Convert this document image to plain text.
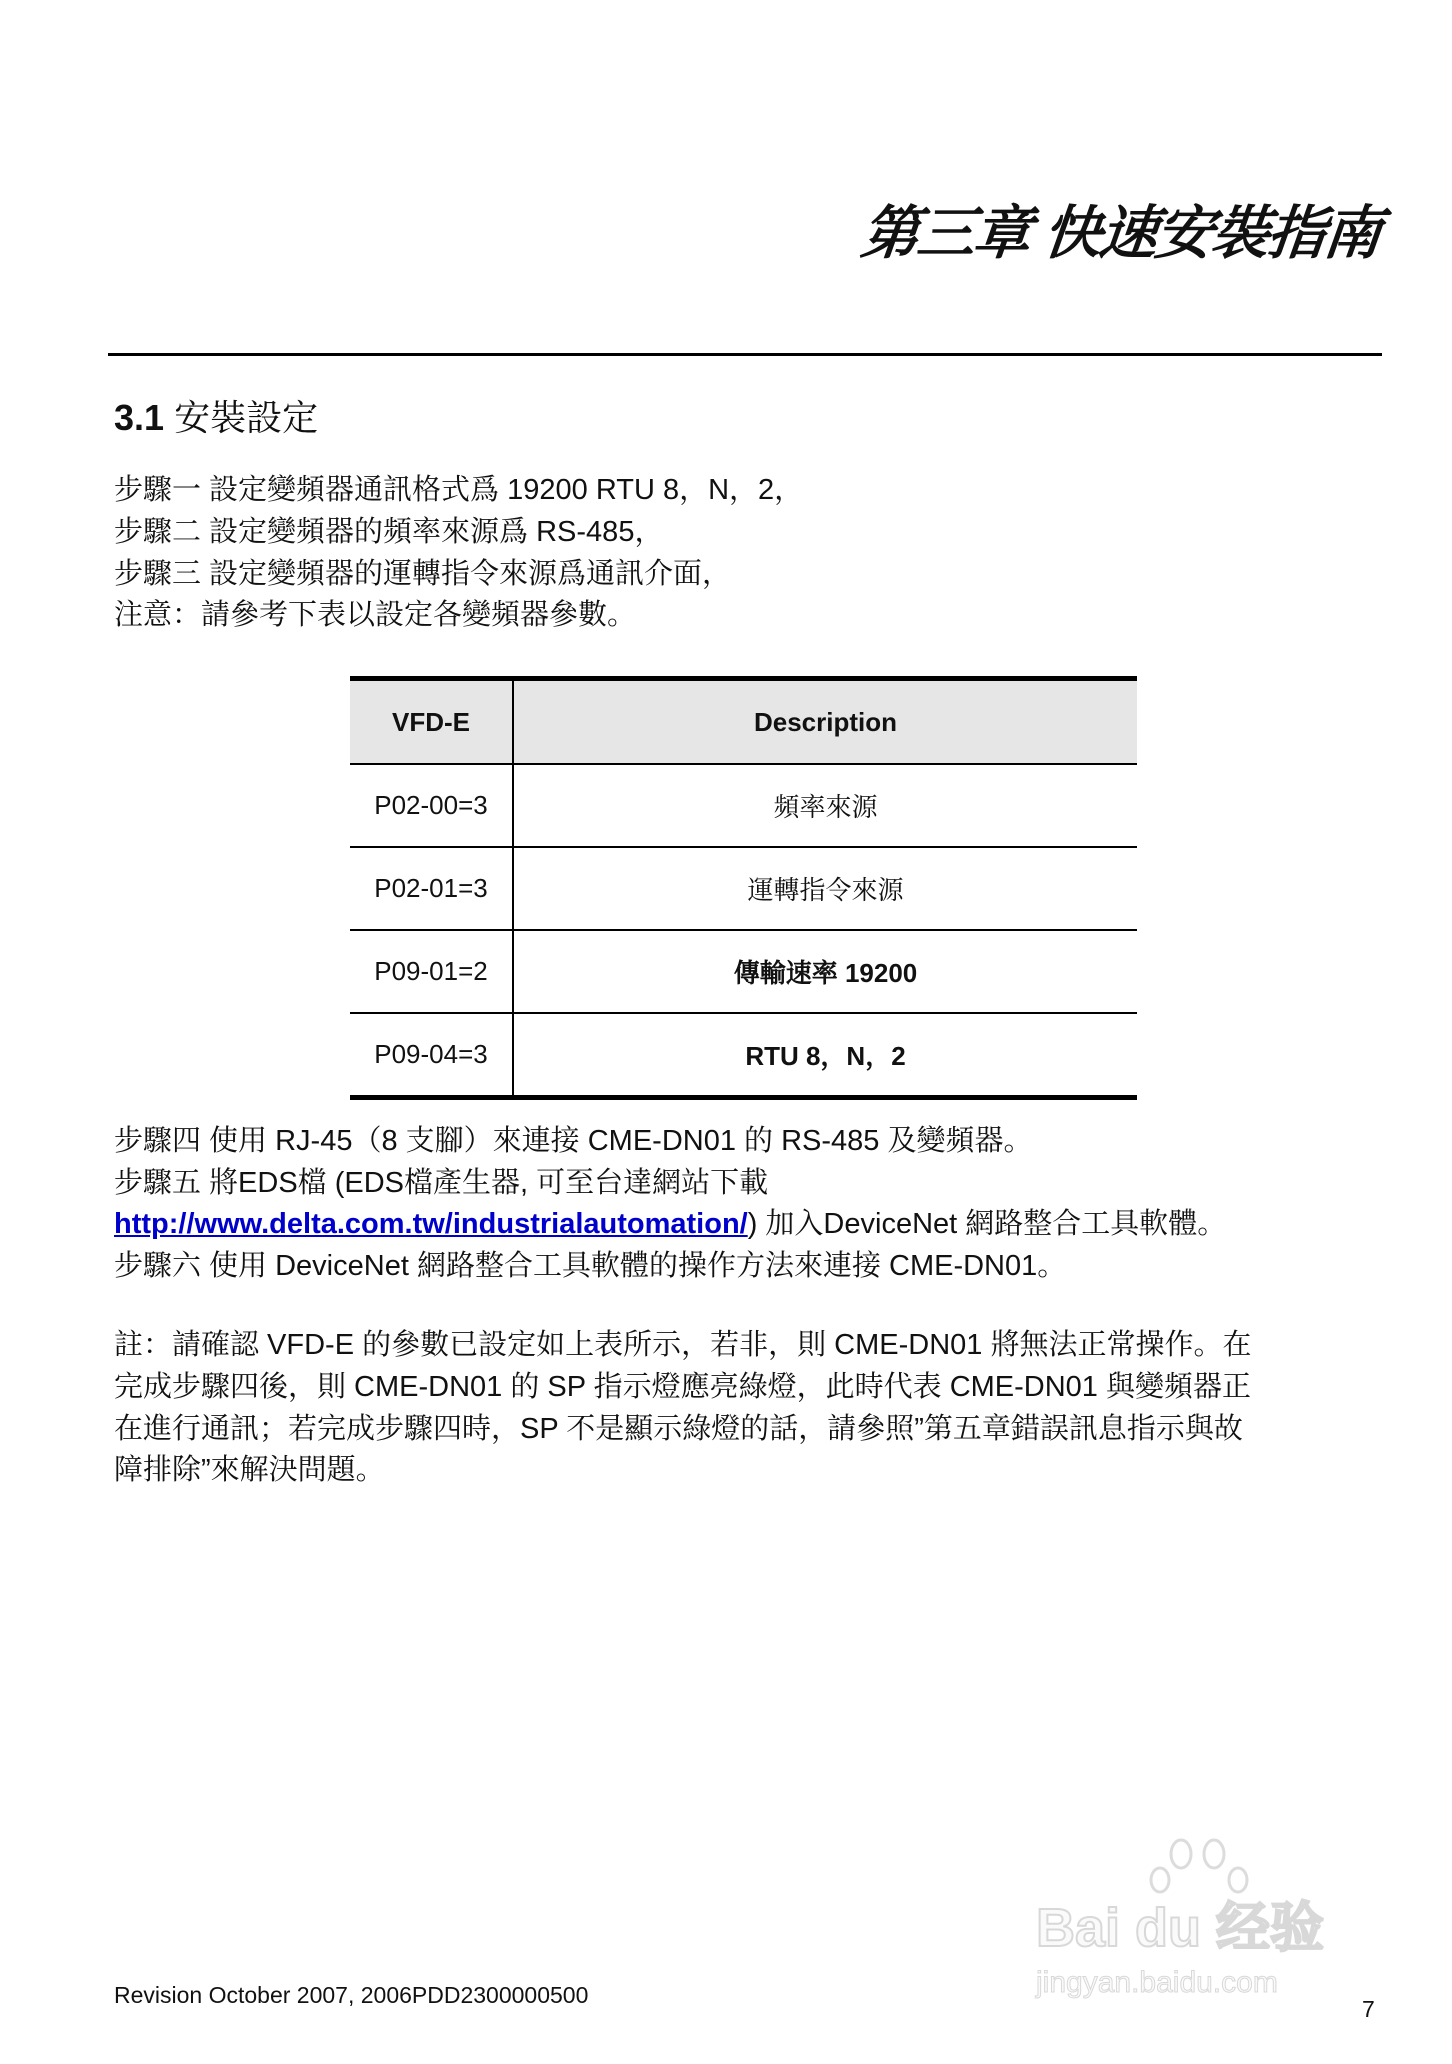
第三章 快速安裝指南
3.1 安裝設定
步驟一 設定變頻器通訊格式爲 19200 RTU 8，N，2，
步驟二 設定變頻器的頻率來源爲 RS-485，
步驟三 設定變頻器的運轉指令來源爲通訊介面，
注意：請參考下表以設定各變頻器參數。
VFD-E	Description
P02-00=3	頻率來源
P02-01=3	運轉指令來源
P09-01=2	傳輸速率 19200
P09-04=3	RTU 8，N，2
步驟四 使用 RJ-45（8 支腳）來連接 CME-DN01 的 RS-485 及變頻器。
步驟五 將EDS檔 (EDS檔產生器, 可至台達網站下載
http://www.delta.com.tw/industrialautomation/) 加入DeviceNet 網路整合工具軟體。
步驟六 使用 DeviceNet 網路整合工具軟體的操作方法來連接 CME-DN01。
註：請確認 VFD-E 的參數已設定如上表所示，若非，則 CME-DN01 將無法正常操作。在
完成步驟四後，則 CME-DN01 的 SP 指示燈應亮綠燈，此時代表 CME-DN01 與變頻器正
在進行通訊；若完成步驟四時，SP 不是顯示綠燈的話，請參照”第五章錯誤訊息指示與故
障排除”來解決問題。
Bai du 经验
jingyan.baidu.com
Revision October 2007, 2006PDD2300000500
7
